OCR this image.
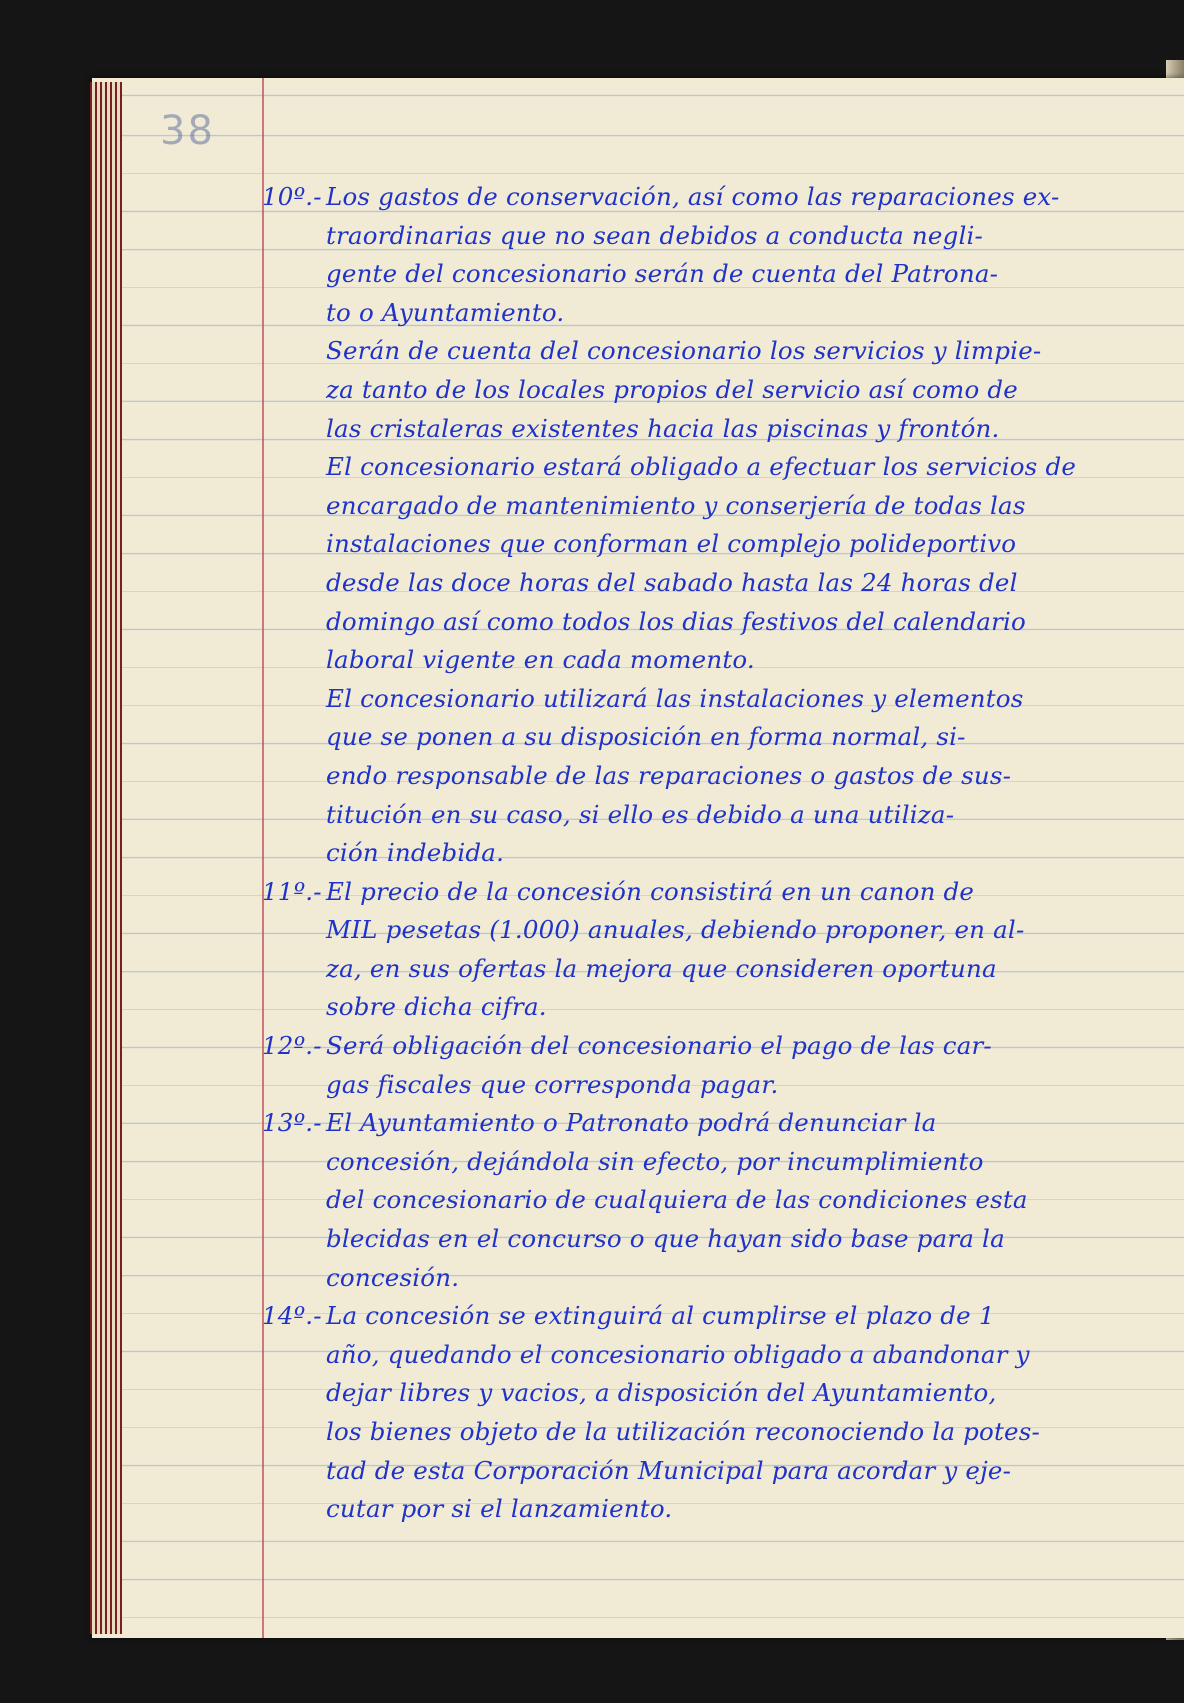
38
10º.- Los gastos de conservación, así como las reparaciones ex-
traordinarias que no sean debidos a conducta negli-
gente del concesionario serán de cuenta del Patrona-
to o Ayuntamiento.
Serán de cuenta del concesionario los servicios y limpie-
za tanto de los locales propios del servicio así como de
las cristaleras existentes hacia las piscinas y frontón.
El concesionario estará obligado a efectuar los servicios de
encargado de mantenimiento y conserjería de todas las
instalaciones que conforman el complejo polideportivo
desde las doce horas del sabado hasta las 24 horas del
domingo así como todos los dias festivos del calendario
laboral vigente en cada momento.
El concesionario utilizará las instalaciones y elementos
que se ponen a su disposición en forma normal, si-
endo responsable de las reparaciones o gastos de sus-
titución en su caso, si ello es debido a una utiliza-
ción indebida.
11º.- El precio de la concesión consistirá en un canon de
MIL pesetas (1.000) anuales, debiendo proponer, en al-
za, en sus ofertas la mejora que consideren oportuna
sobre dicha cifra.
12º.- Será obligación del concesionario el pago de las car-
gas fiscales que corresponda pagar.
13º.- El Ayuntamiento o Patronato podrá denunciar la
concesión, dejándola sin efecto, por incumplimiento
del concesionario de cualquiera de las condiciones esta
blecidas en el concurso o que hayan sido base para la
concesión.
14º.- La concesión se extinguirá al cumplirse el plazo de 1
año, quedando el concesionario obligado a abandonar y
dejar libres y vacios, a disposición del Ayuntamiento,
los bienes objeto de la utilización reconociendo la potes-
tad de esta Corporación Municipal para acordar y eje-
cutar por si el lanzamiento.
